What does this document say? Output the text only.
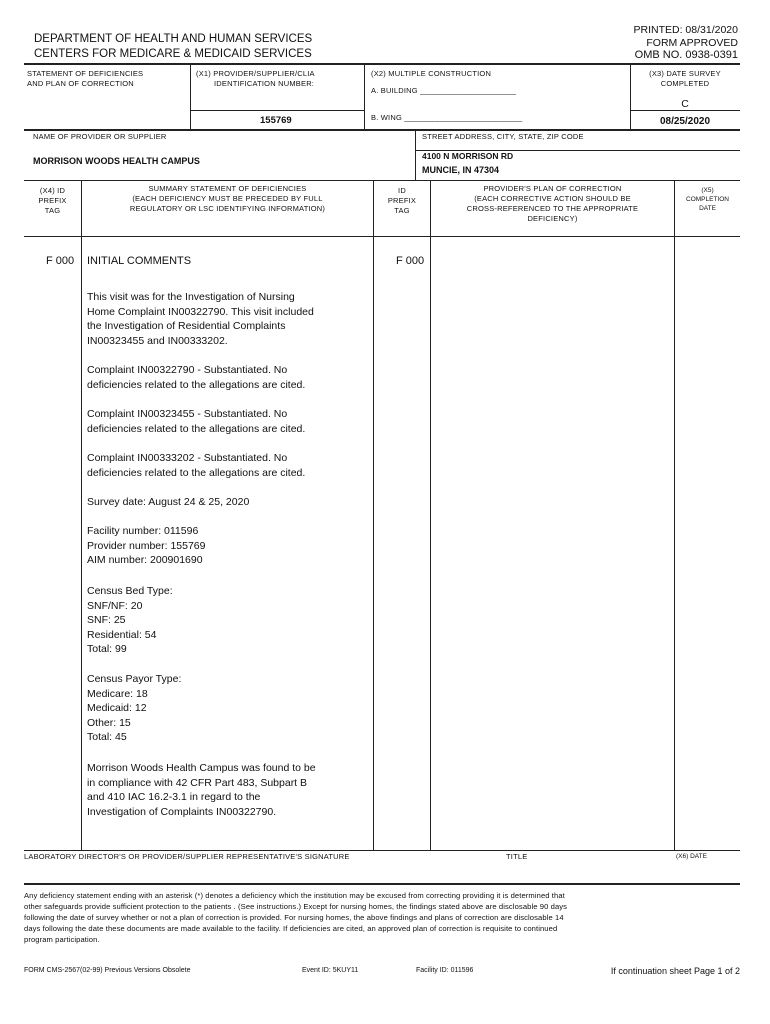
DEPARTMENT OF HEALTH AND HUMAN SERVICES
CENTERS FOR MEDICARE & MEDICAID SERVICES
PRINTED: 08/31/2020
FORM APPROVED
OMB NO. 0938-0391
STATEMENT OF DEFICIENCIES
AND PLAN OF CORRECTION
(X1) PROVIDER/SUPPLIER/CLIA
IDENTIFICATION NUMBER:
155769
(X2) MULTIPLE CONSTRUCTION
A. BUILDING ______________________
B. WING ___________________________
(X3) DATE SURVEY
COMPLETED
C
08/25/2020
NAME OF PROVIDER OR SUPPLIER
MORRISON WOODS HEALTH CAMPUS
STREET ADDRESS, CITY, STATE, ZIP CODE
4100 N MORRISON RD
MUNCIE, IN 47304
(X4) ID
PREFIX
TAG
SUMMARY STATEMENT OF DEFICIENCIES
(EACH DEFICIENCY MUST BE PRECEDED BY FULL
REGULATORY OR LSC IDENTIFYING INFORMATION)
ID
PREFIX
TAG
PROVIDER'S PLAN OF CORRECTION
(EACH CORRECTIVE ACTION SHOULD BE
CROSS-REFERENCED TO THE APPROPRIATE
DEFICIENCY)
(X5)
COMPLETION
DATE
F 000 INITIAL COMMENTS	F 000
This visit was for the Investigation of Nursing
Home Complaint IN00322790. This visit included
the Investigation of Residential Complaints
IN00323455 and IN00333202.
Complaint IN00322790 - Substantiated. No
deficiencies related to the allegations are cited.
Complaint IN00323455 - Substantiated. No
deficiencies related to the allegations are cited.
Complaint IN00333202 - Substantiated. No
deficiencies related to the allegations are cited.
Survey date: August 24 & 25, 2020
Facility number: 011596
Provider number: 155769
AIM number: 200901690
Census Bed Type:
SNF/NF: 20
SNF: 25
Residential: 54
Total: 99
Census Payor Type:
Medicare: 18
Medicaid: 12
Other: 15
Total: 45
Morrison Woods Health Campus was found to be
in compliance with 42 CFR Part 483, Subpart B
and 410 IAC 16.2-3.1 in regard to the
Investigation of Complaints IN00322790.
LABORATORY DIRECTOR'S OR PROVIDER/SUPPLIER REPRESENTATIVE'S SIGNATURE	TITLE	(X6) DATE
Any deficiency statement ending with an asterisk (*) denotes a deficiency which the institution may be excused from correcting providing it is determined that
other safeguards provide sufficient protection to the patients . (See instructions.) Except for nursing homes, the findings stated above are disclosable 90 days
following the date of survey whether or not a plan of correction is provided. For nursing homes, the above findings and plans of correction are disclosable 14
days following the date these documents are made available to the facility. If deficiencies are cited, an approved plan of correction is requisite to continued
program participation.
FORM CMS-2567(02-99) Previous Versions Obsolete	Event ID: 5KUY11	Facility ID: 011596	If continuation sheet Page 1 of 2
